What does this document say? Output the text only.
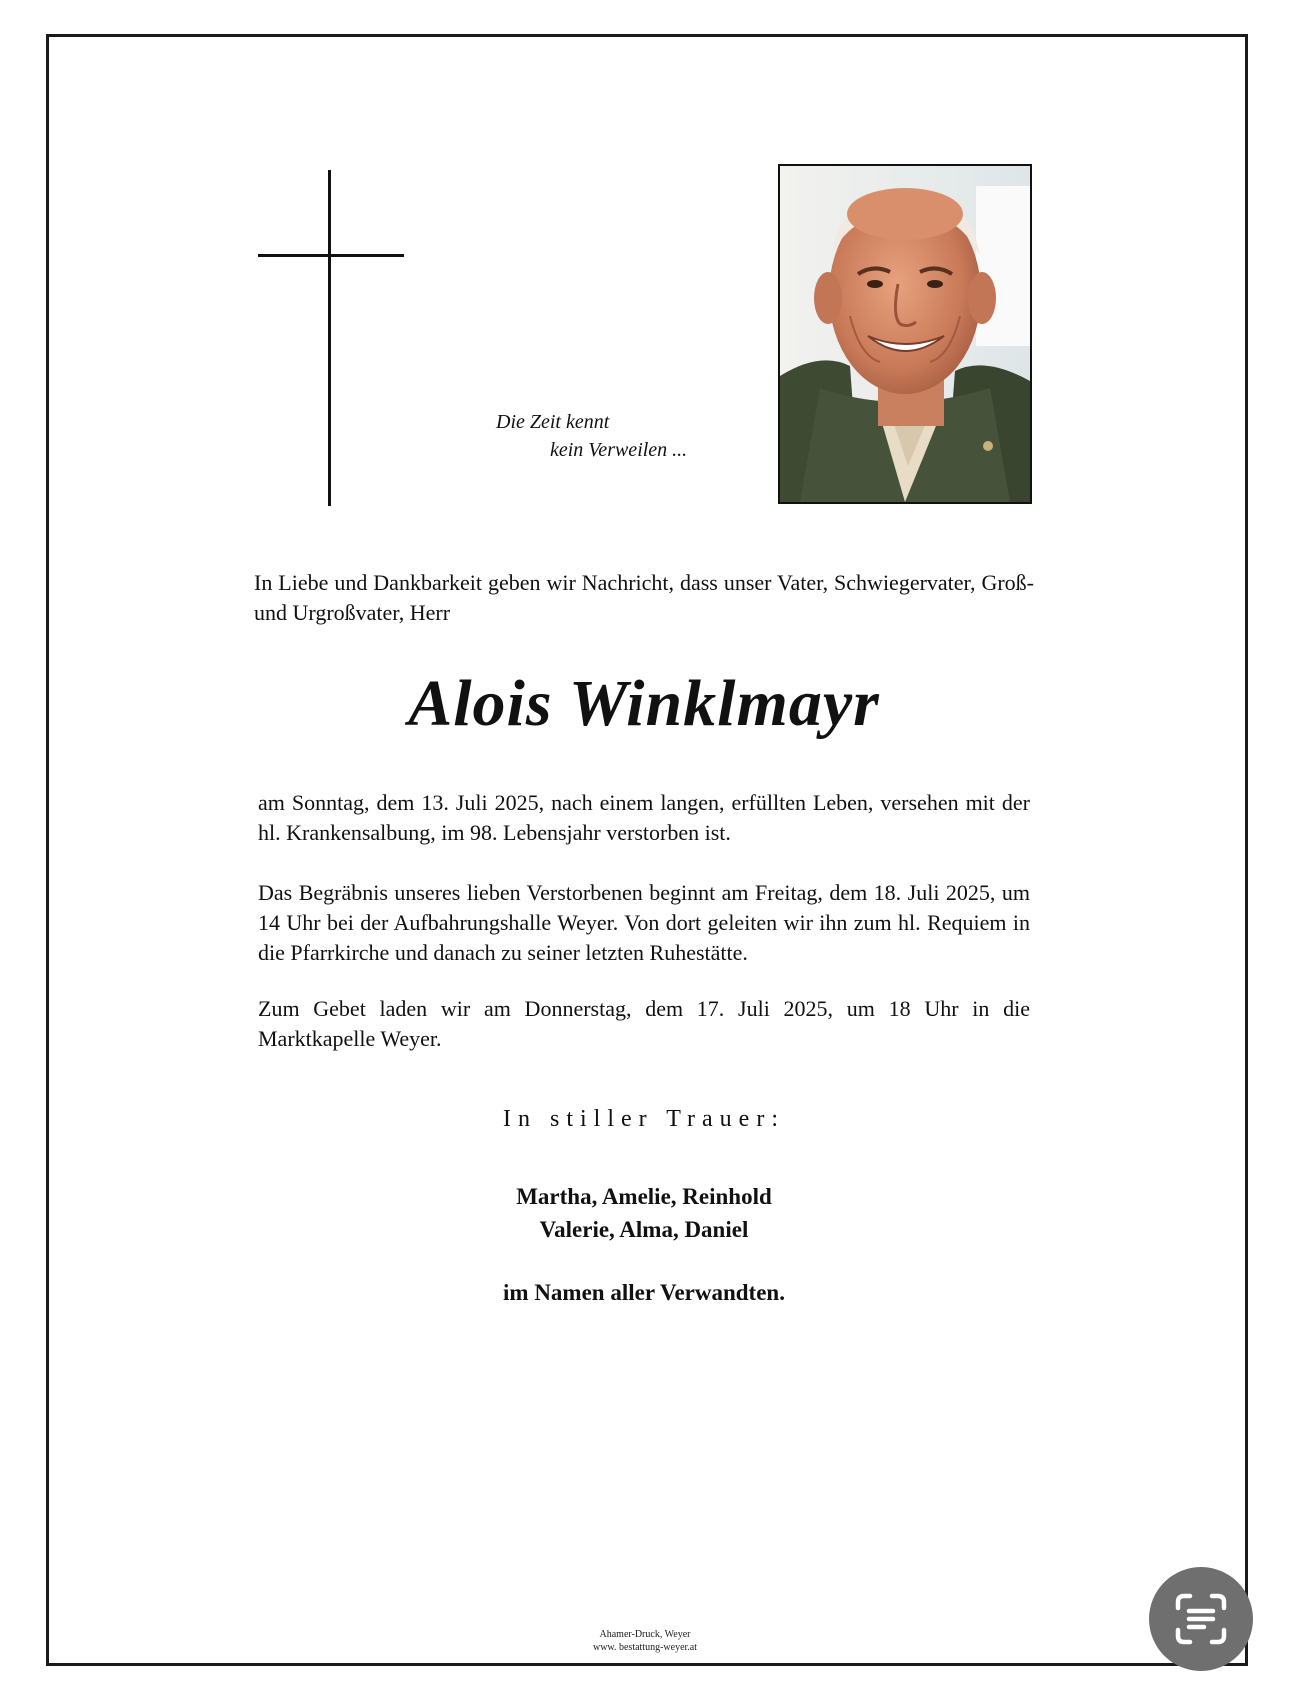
Die Zeit kennt
kein Verweilen ...
In Liebe und Dankbarkeit geben wir Nachricht, dass unser Vater, Schwiegervater, Groß- und Urgroßvater, Herr
Alois Winklmayr
am Sonntag, dem 13. Juli 2025, nach einem langen, erfüllten Leben, versehen mit der hl. Krankensalbung, im 98. Lebensjahr verstorben ist.
Das Begräbnis unseres lieben Verstorbenen beginnt am Freitag, dem 18. Juli 2025, um 14 Uhr bei der Aufbahrungshalle Weyer. Von dort geleiten wir ihn zum hl. Requiem in die Pfarrkirche und danach zu seiner letzten Ruhestätte.
Zum Gebet laden wir am Donnerstag, dem 17. Juli 2025, um 18 Uhr in die Marktkapelle Weyer.
In stiller Trauer:
Martha, Amelie, Reinhold
Valerie, Alma, Daniel
im Namen aller Verwandten.
Ahamer-Druck, Weyer
www. bestattung-weyer.at
